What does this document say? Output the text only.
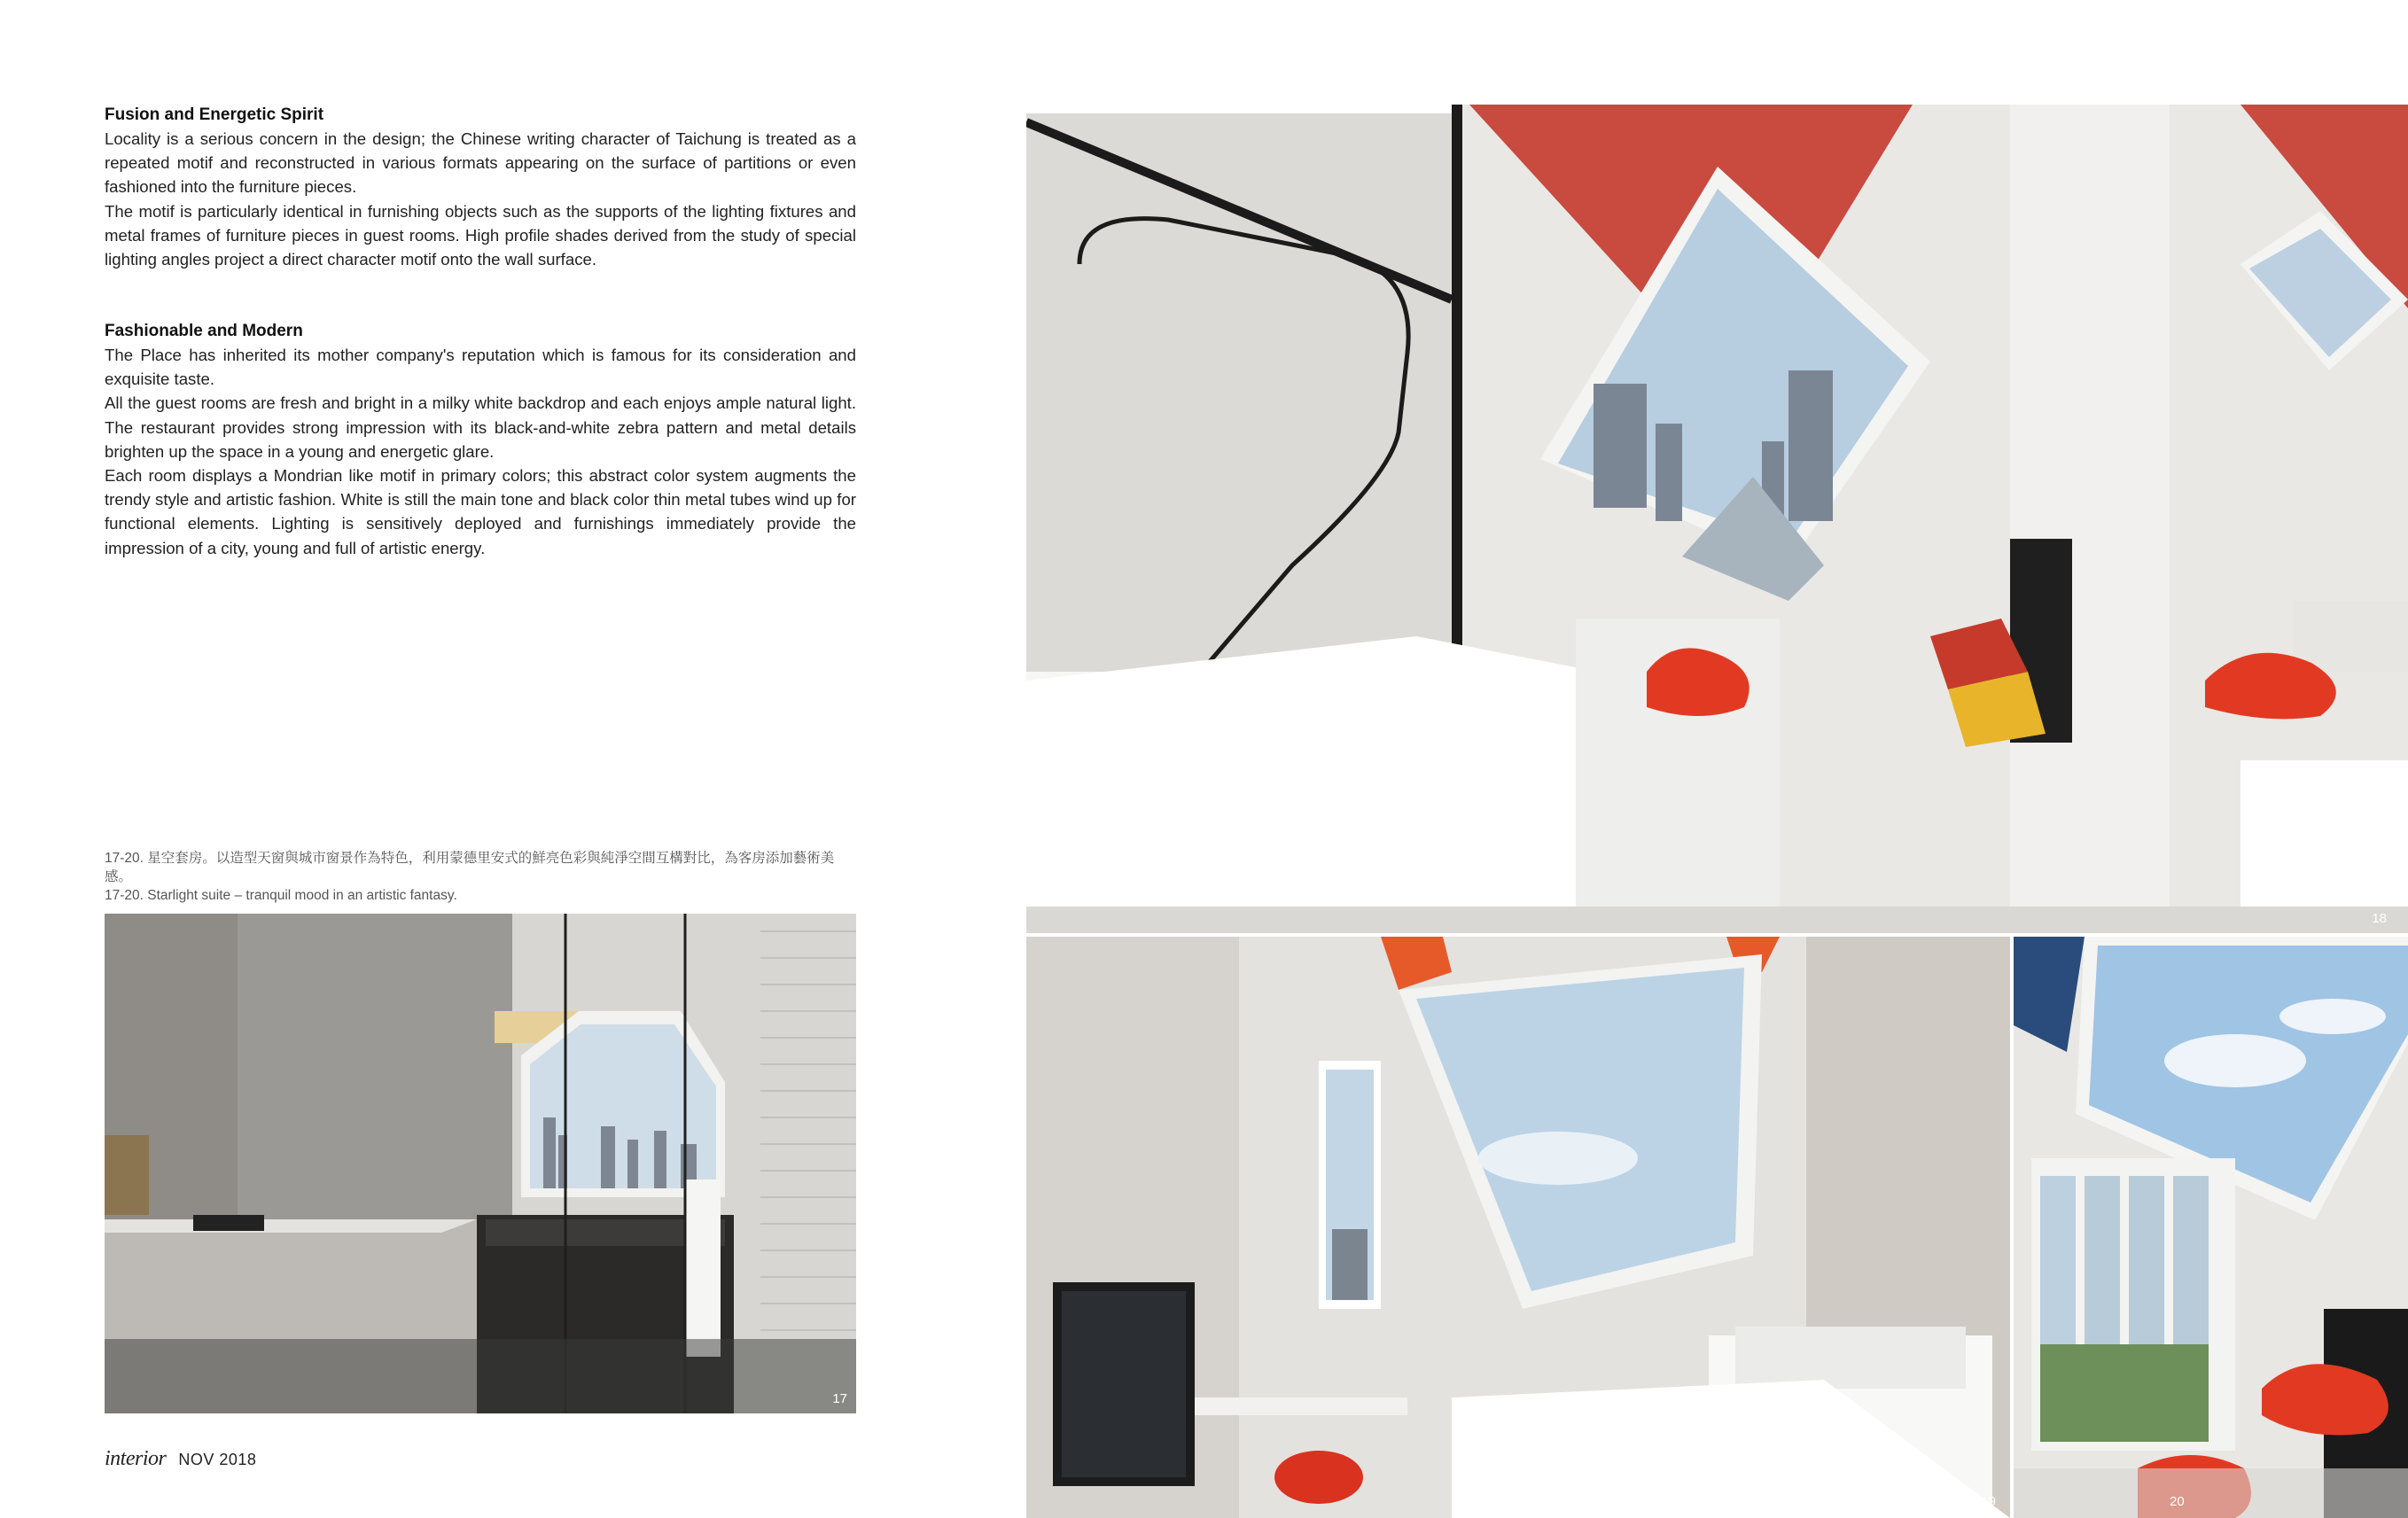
Fusion and Energetic Spirit

Locality is a serious concern in the design; the Chinese writing character of Taichung is treated as a repeated motif and reconstructed in various formats appearing on the surface of partitions or even fashioned into the furniture pieces.

The motif is particularly identical in furnishing objects such as the supports of the lighting fixtures and metal frames of furniture pieces in guest rooms. High profile shades derived from the study of special lighting angles project a direct character motif onto the wall surface.

Fashionable and Modern

The Place has inherited its mother company's reputation which is famous for its consideration and exquisite taste.

All the guest rooms are fresh and bright in a milky white backdrop and each enjoys ample natural light. The restaurant provides strong impression with its black-and-white zebra pattern and metal details brighten up the space in a young and energetic glare.

Each room displays a Mondrian like motif in primary colors; this abstract color system augments the trendy style and artistic fashion. White is still the main tone and black color thin metal tubes wind up for functional elements. Lighting is sensitively deployed and furnishings immediately provide the impression of a city, young and full of artistic energy.

17-20. 星空套房。以造型天窗與城市窗景作為特色，利用蒙德里安式的鮮亮色彩與純淨空間互構對比，為客房添加藝術美感。

17-20. Starlight suite – tranquil mood in an artistic fantasy.

17
18
19	20
interior NOV 2018
